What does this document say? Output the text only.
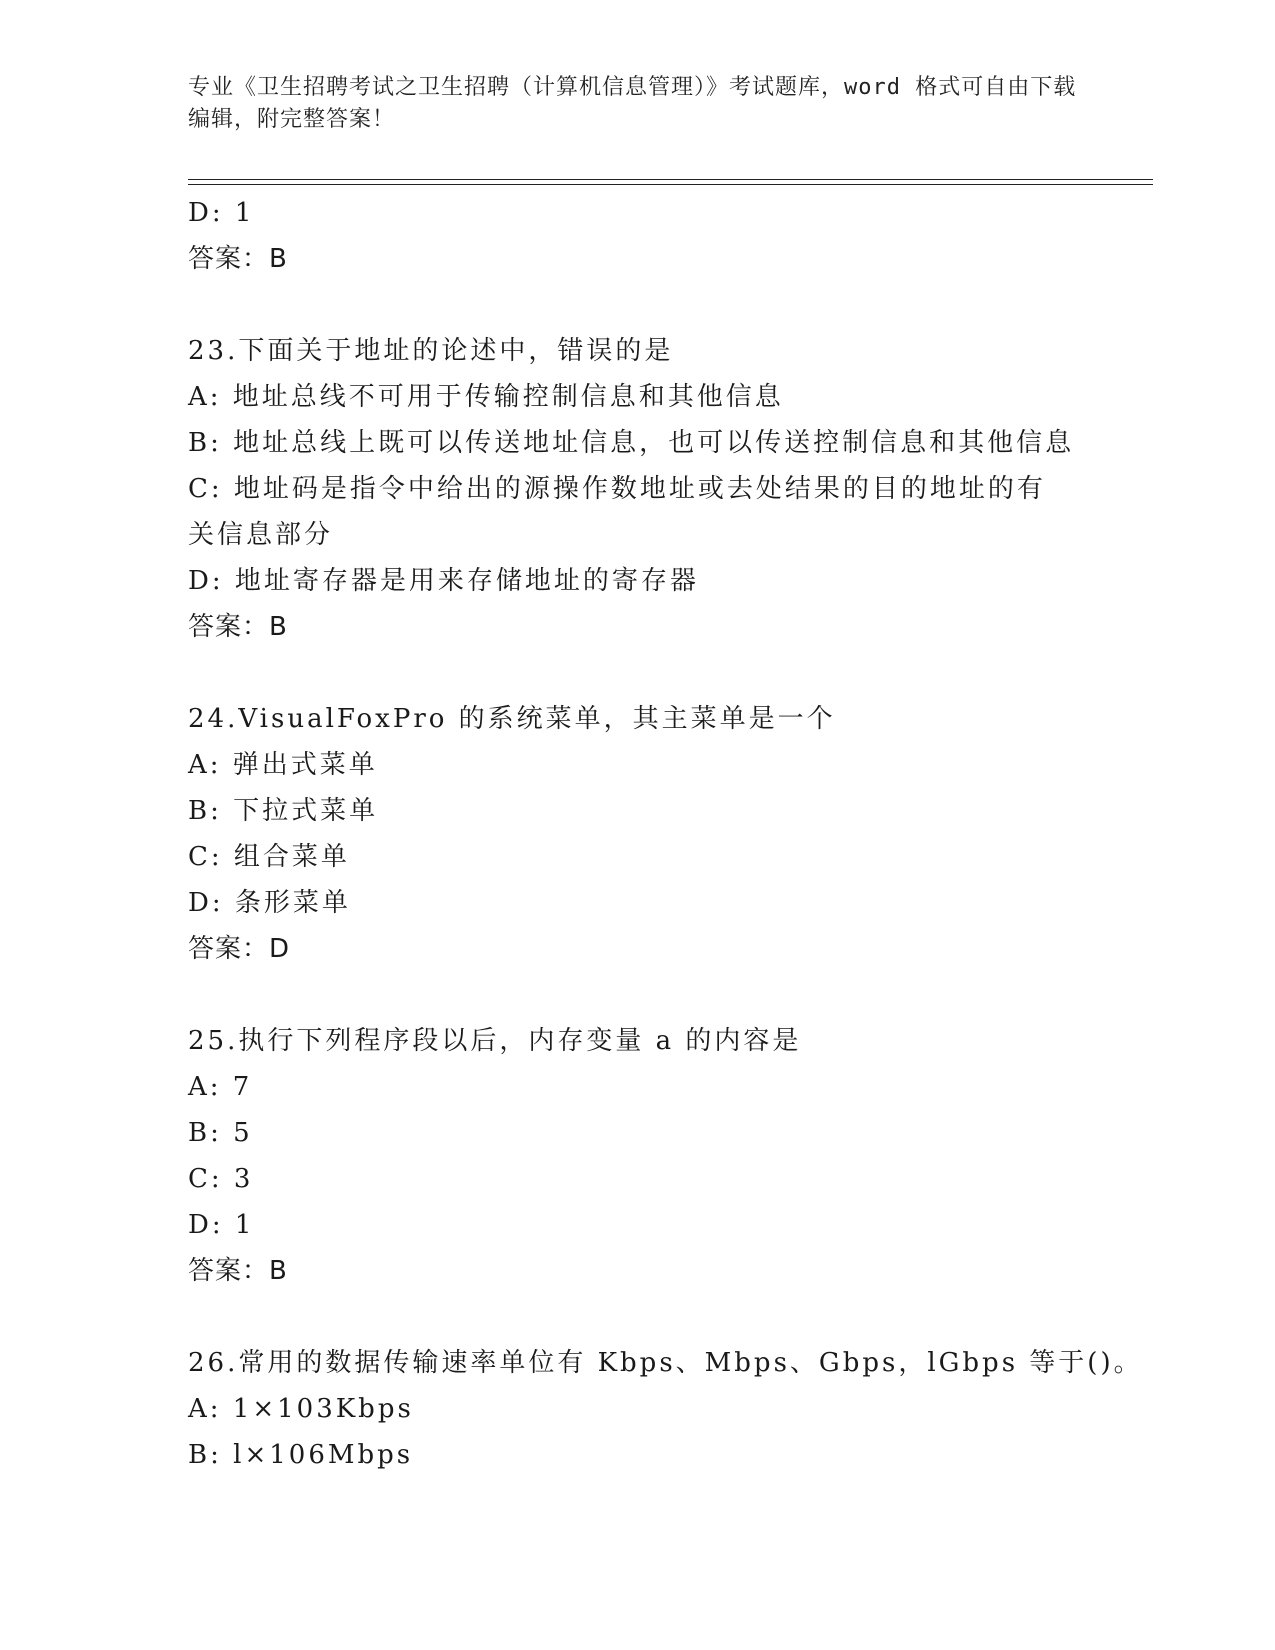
专业《卫生招聘考试之卫生招聘（计算机信息管理）》考试题库，word 格式可自由下载编辑，附完整答案！
D: 1
答案：B
23.下面关于地址的论述中，错误的是
A: 地址总线不可用于传输控制信息和其他信息
B: 地址总线上既可以传送地址信息，也可以传送控制信息和其他信息
C: 地址码是指令中给出的源操作数地址或去处结果的目的地址的有关信息部分
D: 地址寄存器是用来存储地址的寄存器
答案：B
24.VisualFoxPro 的系统菜单，其主菜单是一个
A: 弹出式菜单
B: 下拉式菜单
C: 组合菜单
D: 条形菜单
答案：D
25.执行下列程序段以后，内存变量 a 的内容是
A: 7
B: 5
C: 3
D: 1
答案：B
26.常用的数据传输速率单位有 Kbps、Mbps、Gbps，lGbps 等于()。
A: 1×103Kbps
B: l×106Mbps
